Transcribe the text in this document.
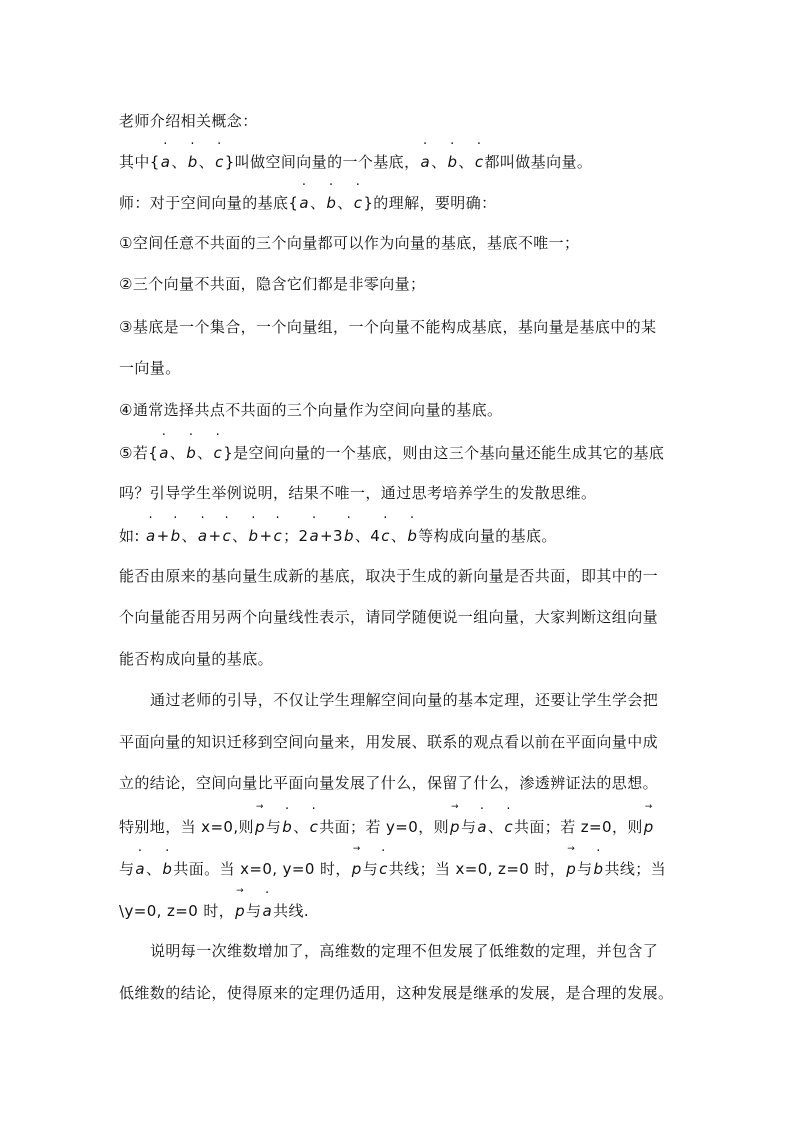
老师介绍相关概念：
其中{· a、· b、· c}叫做空间向量的一个基底，· a、· b、· c都叫做基向量。
师：对于空间向量的基底{· a、· b、· c}的理解，要明确：
①空间任意不共面的三个向量都可以作为向量的基底，基底不唯一；
②三个向量不共面，隐含它们都是非零向量；
③基底是一个集合，一个向量组，一个向量不能构成基底，基向量是基底中的某
一向量。
④通常选择共点不共面的三个向量作为空间向量的基底。
⑤若{· a、· b、· c}是空间向量的一个基底，则由这三个基向量还能生成其它的基底
吗？引导学生举例说明，结果不唯一，通过思考培养学生的发散思维。
如: · a+· b、· a+· c、· b+· c；2· a+3· b、4· c、· b等构成向量的基底。
能否由原来的基向量生成新的基底，取决于生成的新向量是否共面，即其中的一
个向量能否用另两个向量线性表示，请同学随便说一组向量，大家判断这组向量
能否构成向量的基底。
通过老师的引导，不仅让学生理解空间向量的基本定理，还要让学生学会把
平面向量的知识迁移到空间向量来，用发展、联系的观点看以前在平面向量中成
立的结论，空间向量比平面向量发展了什么，保留了什么，渗透辨证法的思想。
特别地，当 x=0,则→ p与· b、· c共面；若 y=0，则→ p与· a、· c共面；若 z=0，则→ p
与· a、· b共面。当 x=0, y=0 时，→ p与· c共线；当 x=0, z=0 时，→ p与· b共线；当
\y=0, z=0 时，→ p与· a共线.
说明每一次维数增加了，高维数的定理不但发展了低维数的定理，并包含了
低维数的结论，使得原来的定理仍适用，这种发展是继承的发展，是合理的发展。
